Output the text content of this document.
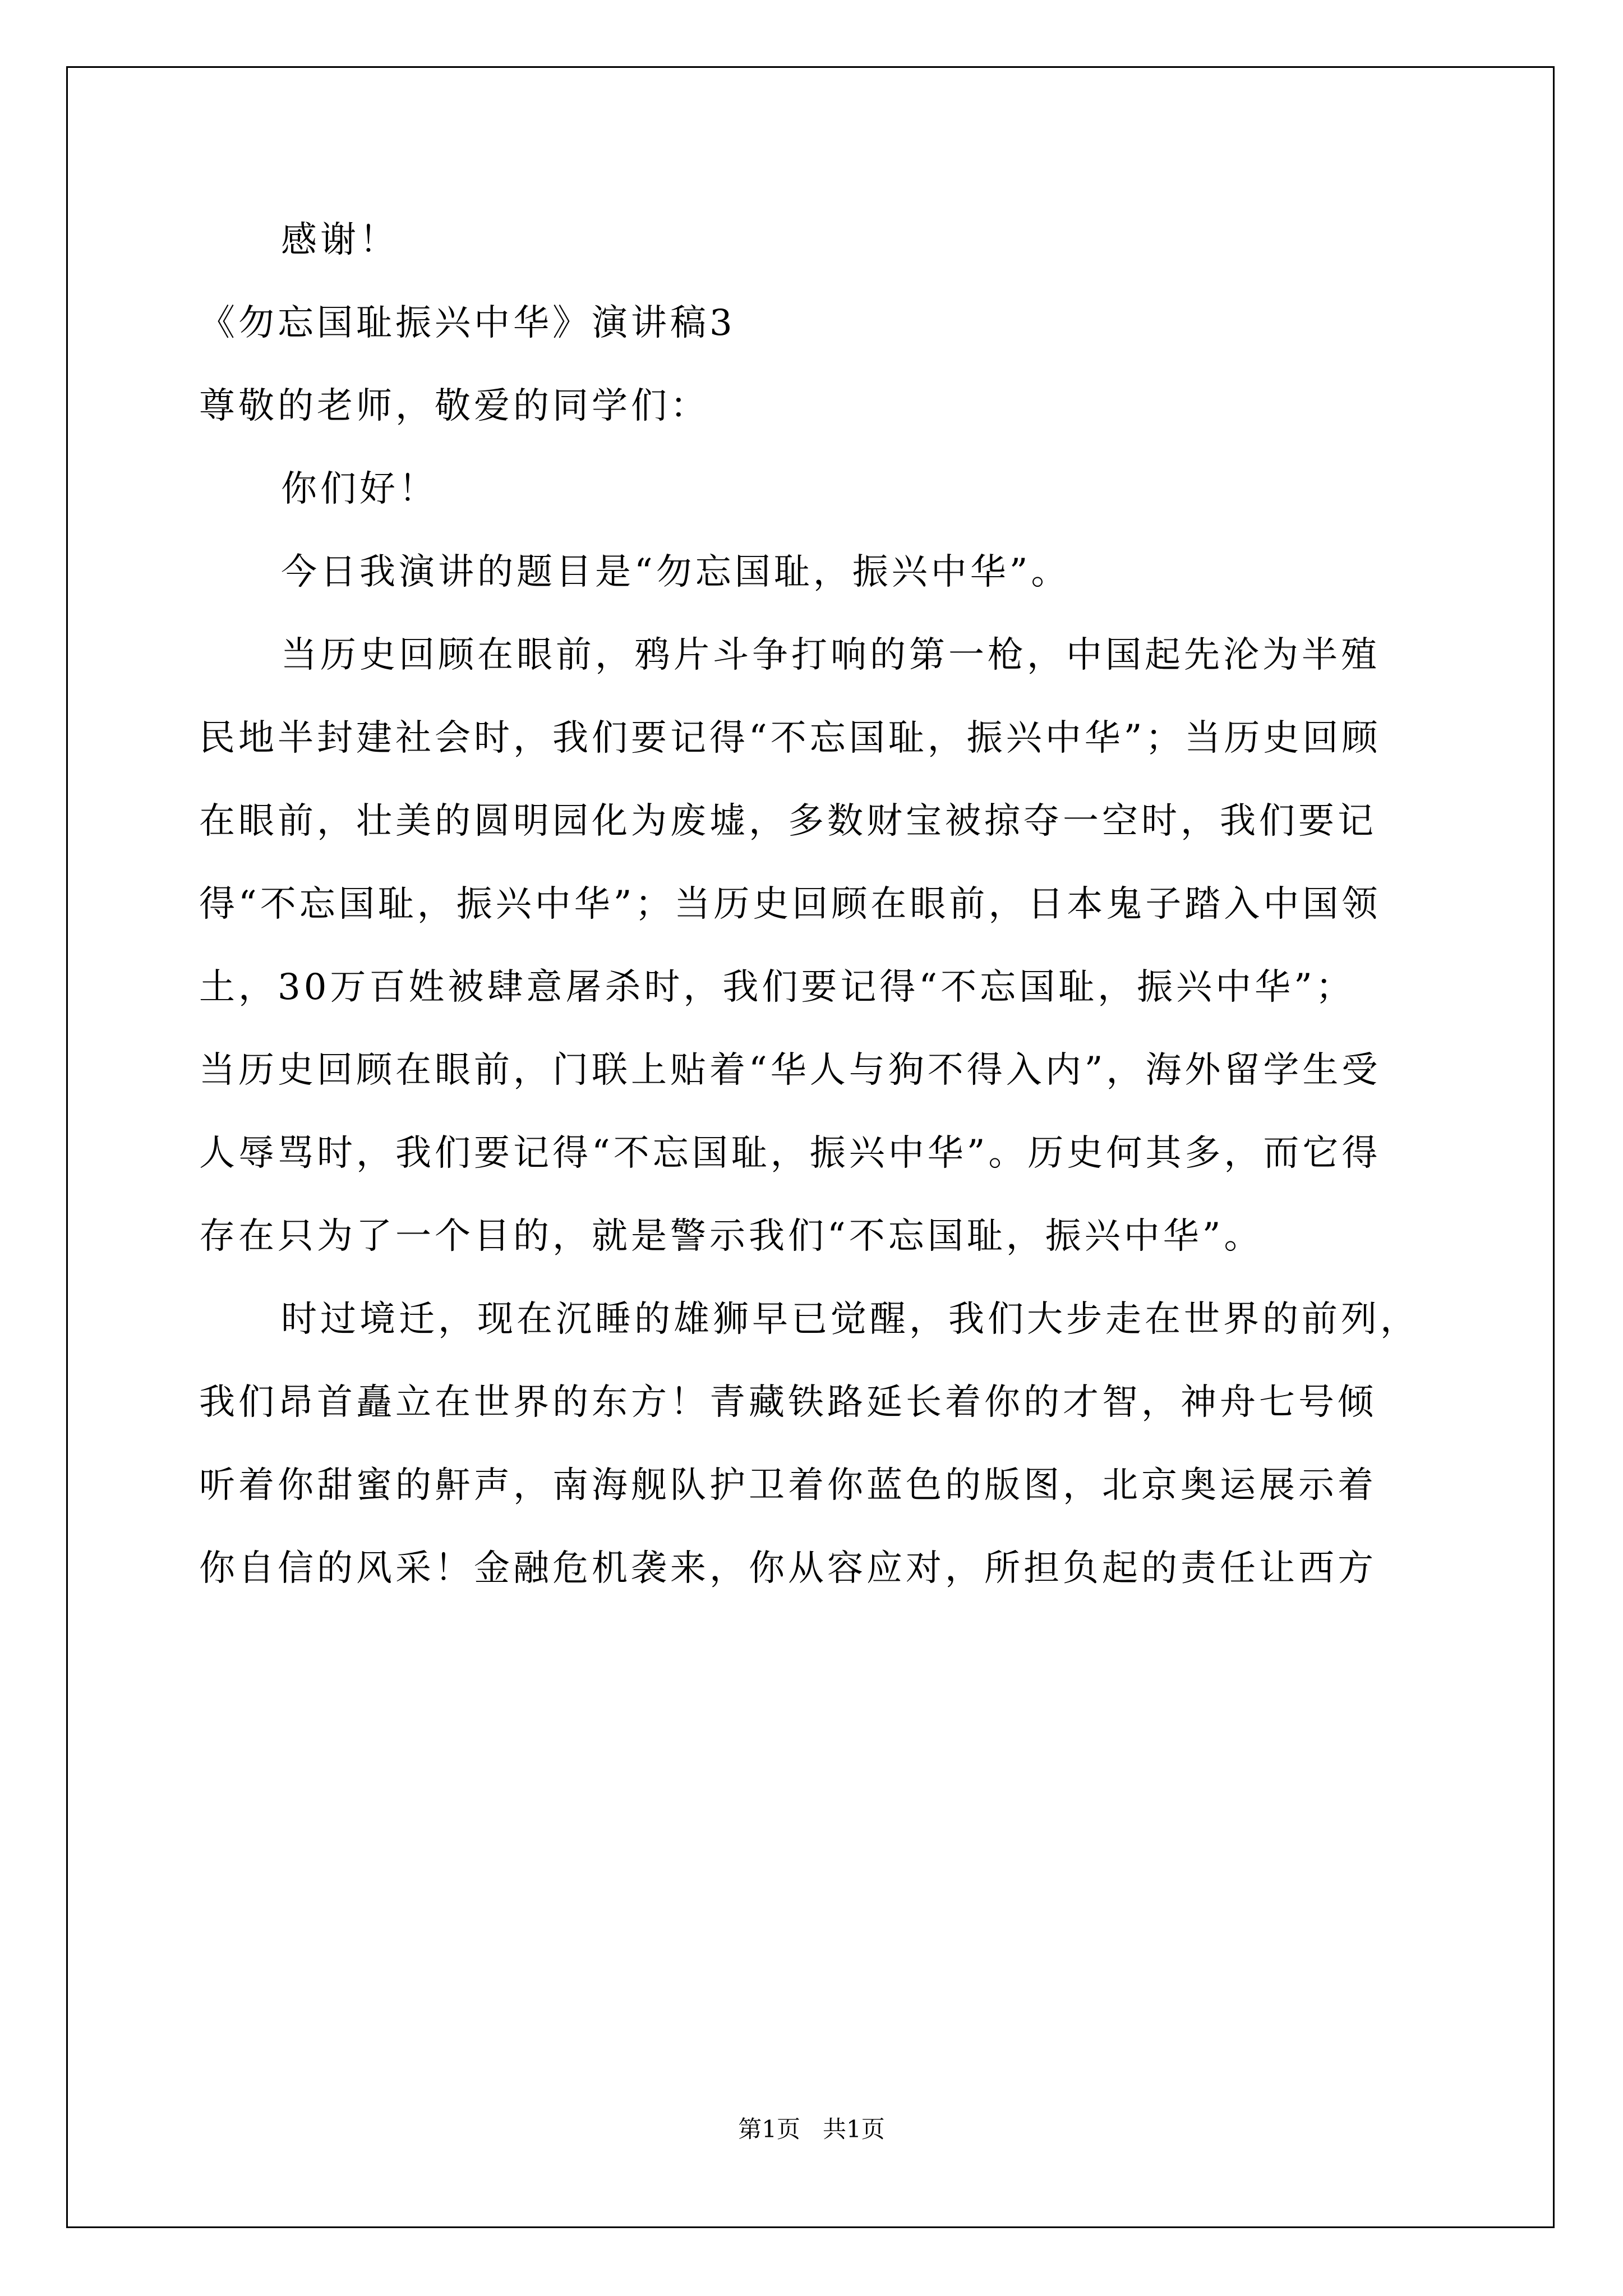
感谢！
《勿忘国耻振兴中华》演讲稿3
尊敬的老师，敬爱的同学们：
你们好！
今日我演讲的题目是“勿忘国耻，振兴中华”。
当历史回顾在眼前，鸦片斗争打响的第一枪，中国起先沦为半殖
民地半封建社会时，我们要记得“不忘国耻，振兴中华”；当历史回顾
在眼前，壮美的圆明园化为废墟，多数财宝被掠夺一空时，我们要记
得“不忘国耻，振兴中华”；当历史回顾在眼前，日本鬼子踏入中国领
土，30万百姓被肆意屠杀时，我们要记得“不忘国耻，振兴中华”；
当历史回顾在眼前，门联上贴着“华人与狗不得入内”，海外留学生受
人辱骂时，我们要记得“不忘国耻，振兴中华”。历史何其多，而它得
存在只为了一个目的，就是警示我们“不忘国耻，振兴中华”。
时过境迁，现在沉睡的雄狮早已觉醒，我们大步走在世界的前列，
我们昂首矗立在世界的东方！青藏铁路延长着你的才智，神舟七号倾
听着你甜蜜的鼾声，南海舰队护卫着你蓝色的版图，北京奥运展示着
你自信的风采！金融危机袭来，你从容应对，所担负起的责任让西方
第1页 共1页
